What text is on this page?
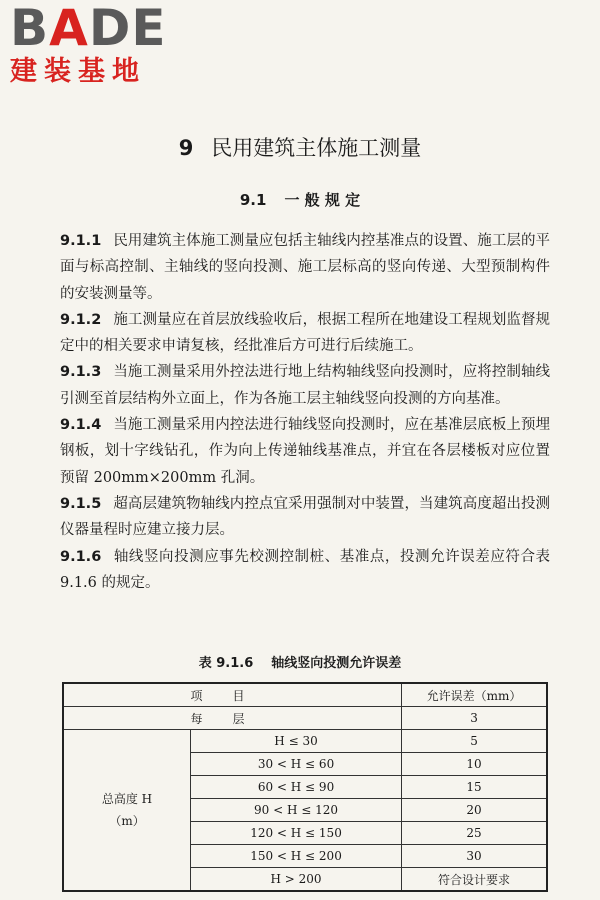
BADE
建装基地
9 民用建筑主体施工测量
9.1 一 般 规 定

9.1.1 民用建筑主体施工测量应包括主轴线内控基准点的设置、施工层的平面与标高控制、主轴线的竖向投测、施工层标高的竖向传递、大型预制构件的安装测量等。

9.1.2 施工测量应在首层放线验收后，根据工程所在地建设工程规划监督规定中的相关要求申请复核，经批准后方可进行后续施工。

9.1.3 当施工测量采用外控法进行地上结构轴线竖向投测时，应将控制轴线引测至首层结构外立面上，作为各施工层主轴线竖向投测的方向基准。

9.1.4 当施工测量采用内控法进行轴线竖向投测时，应在基准层底板上预埋钢板，划十字线钻孔，作为向上传递轴线基准点，并宜在各层楼板对应位置预留 200mm×200mm 孔洞。

9.1.5 超高层建筑物轴线内控点宜采用强制对中装置，当建筑高度超出投测仪器量程时应建立接力层。

9.1.6 轴线竖向投测应事先校测控制桩、基准点，投测允许误差应符合表 9.1.6 的规定。

表 9.1.6 轴线竖向投测允许误差
项目		允许误差（mm）
每层		3

总高度 H
（m）	H ≤ 30	5
	30 < H ≤ 60	10
	60 < H ≤ 90	15
	90 < H ≤ 120	20
	120 < H ≤ 150	25
	150 < H ≤ 200	30
	H > 200	符合设计要求
